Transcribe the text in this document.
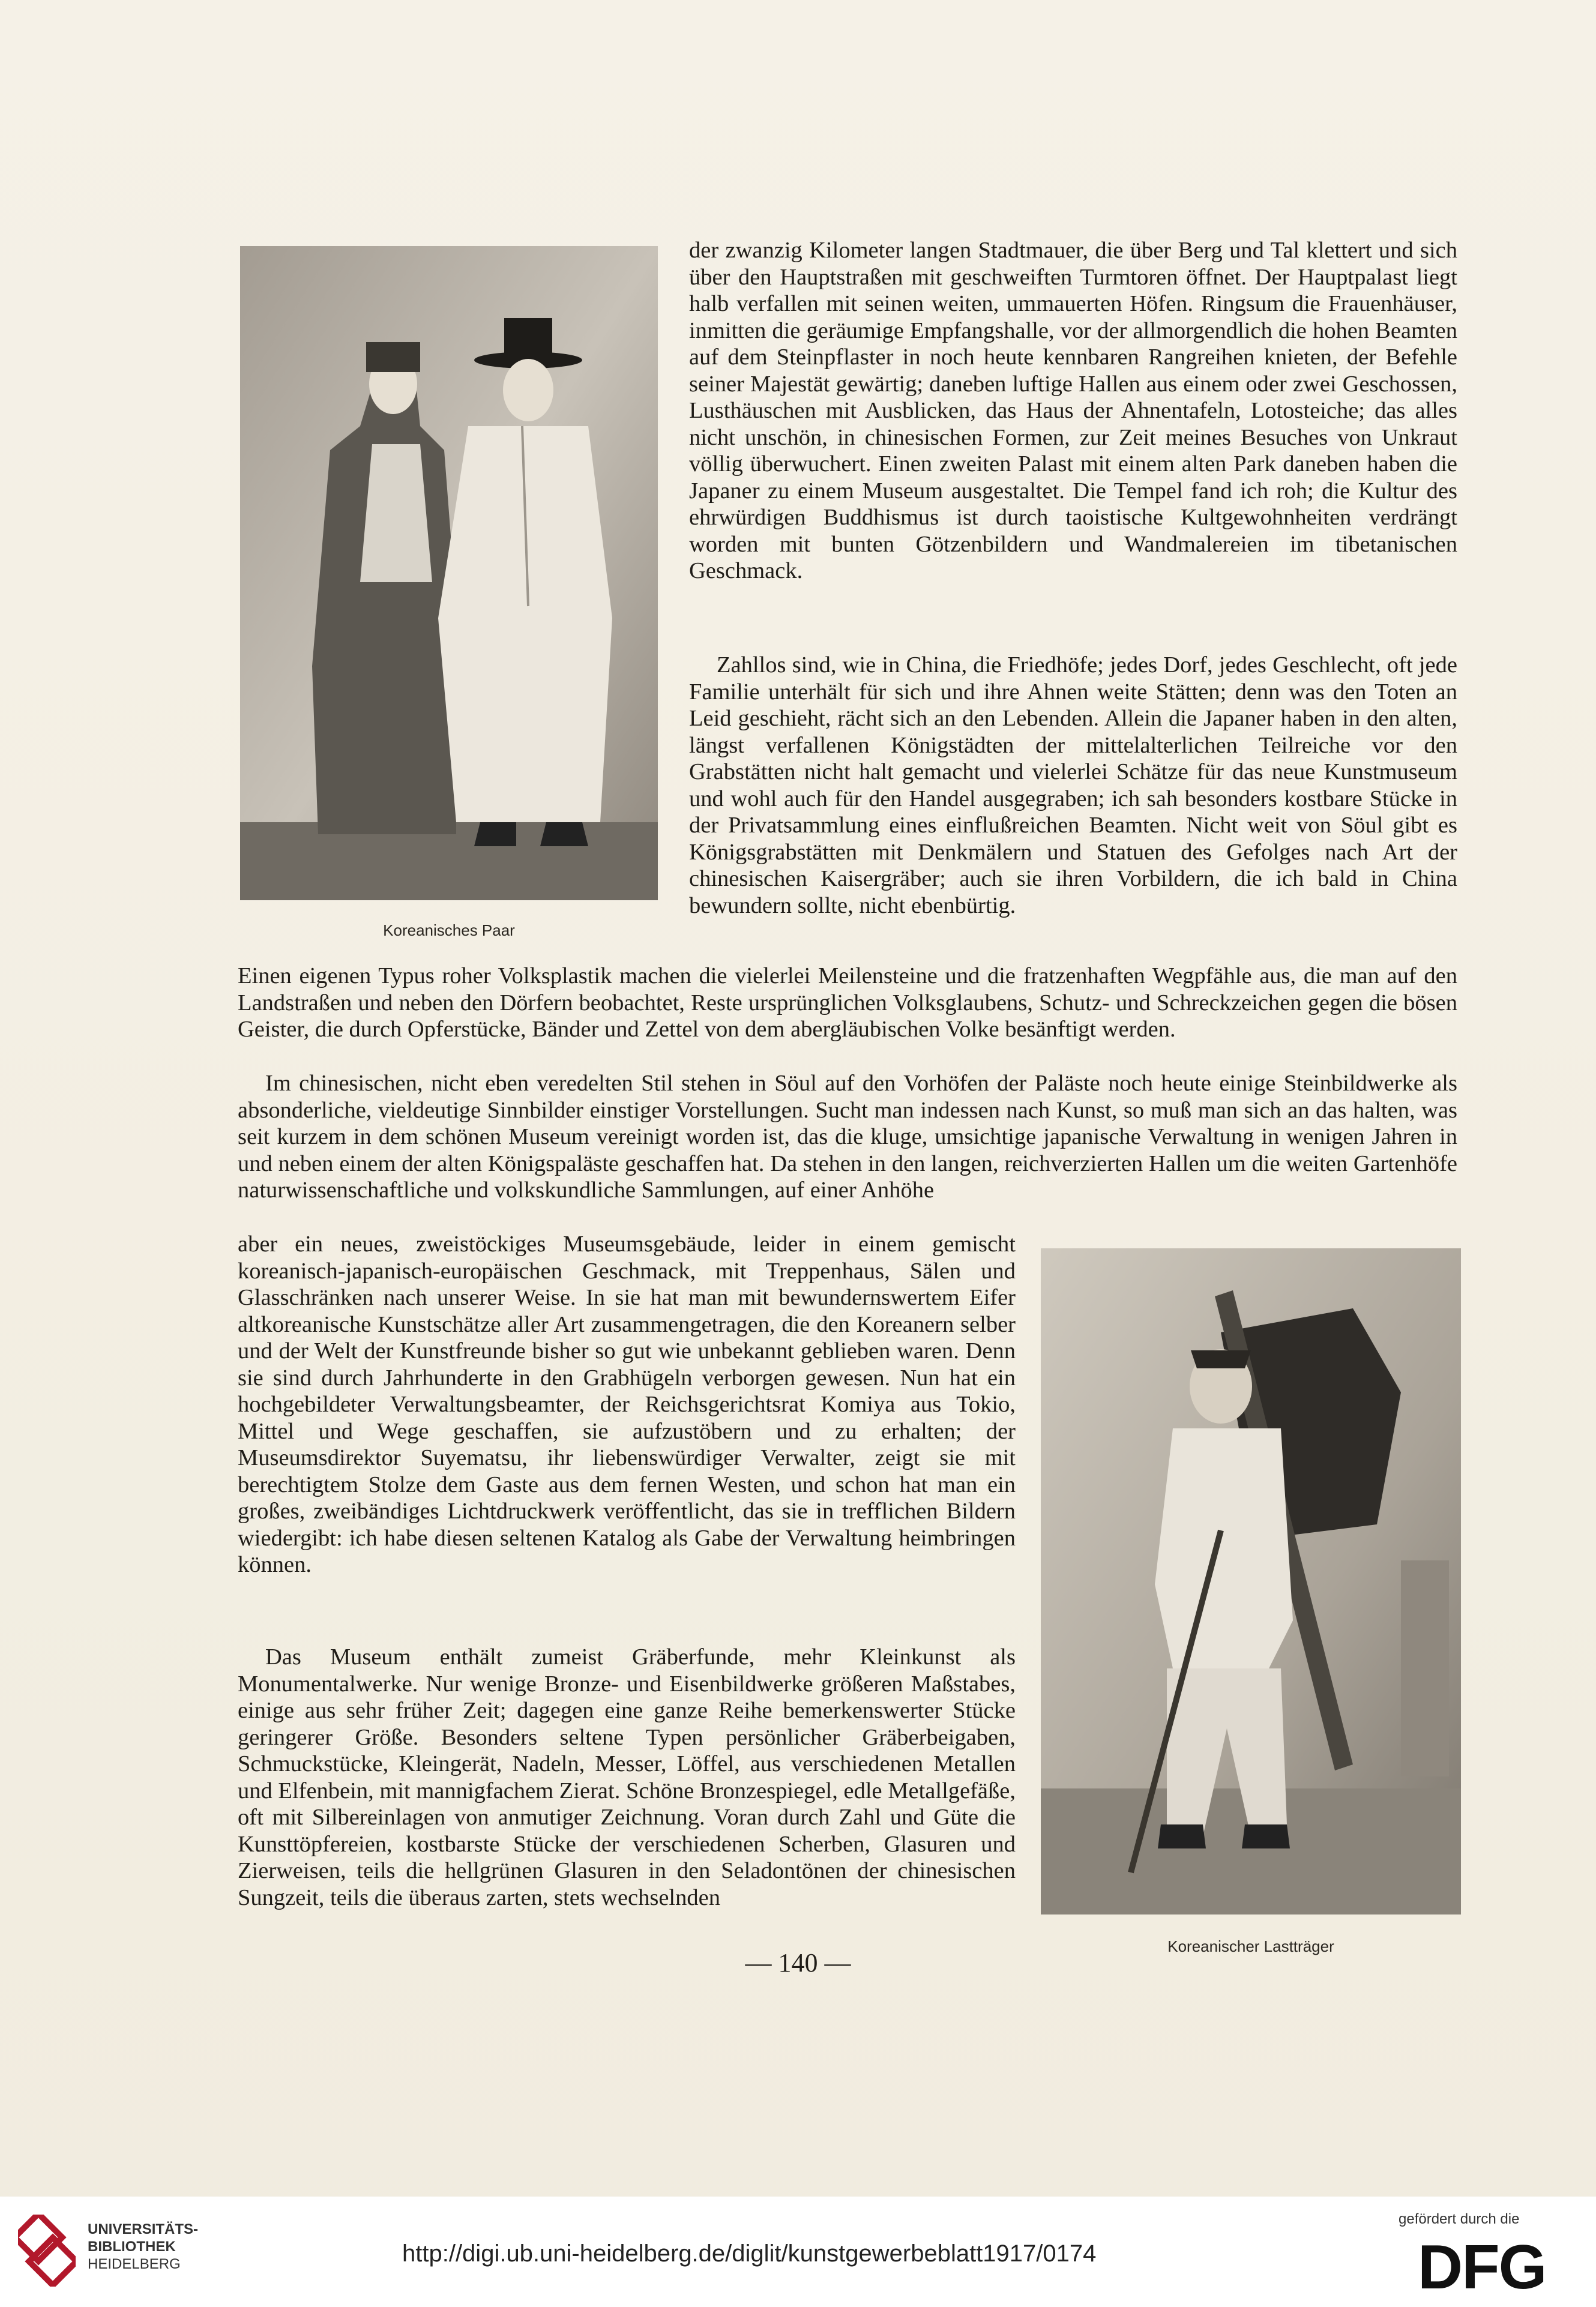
Koreanisches Paar

der zwanzig Kilometer langen Stadtmauer, die über Berg und Tal klettert und sich über den Hauptstraßen mit geschweiften Turmtoren öffnet. Der Hauptpalast liegt halb verfallen mit seinen weiten, ummauerten Höfen. Ringsum die Frauenhäuser, inmitten die geräumige Empfangshalle, vor der allmorgendlich die hohen Beamten auf dem Steinpflaster in noch heute kennbaren Rangreihen knieten, der Befehle seiner Majestät gewärtig; daneben luftige Hallen aus einem oder zwei Geschossen, Lusthäuschen mit Ausblicken, das Haus der Ahnentafeln, Lotosteiche; das alles nicht unschön, in chinesischen Formen, zur Zeit meines Besuches von Unkraut völlig überwuchert. Einen zweiten Palast mit einem alten Park daneben haben die Japaner zu einem Museum ausgestaltet. Die Tempel fand ich roh; die Kultur des ehrwürdigen Buddhismus ist durch taoistische Kultgewohnheiten verdrängt worden mit bunten Götzenbildern und Wandmalereien im tibetanischen Geschmack.

Zahllos sind, wie in China, die Friedhöfe; jedes Dorf, jedes Geschlecht, oft jede Familie unterhält für sich und ihre Ahnen weite Stätten; denn was den Toten an Leid geschieht, rächt sich an den Lebenden. Allein die Japaner haben in den alten, längst verfallenen Königstädten der mittelalterlichen Teilreiche vor den Grabstätten nicht halt gemacht und vielerlei Schätze für das neue Kunstmuseum und wohl auch für den Handel ausgegraben; ich sah besonders kostbare Stücke in der Privatsammlung eines einflußreichen Beamten. Nicht weit von Söul gibt es Königsgrabstätten mit Denkmälern und Statuen des Gefolges nach Art der chinesischen Kaisergräber; auch sie ihren Vorbildern, die ich bald in China bewundern sollte, nicht ebenbürtig.

Einen eigenen Typus roher Volksplastik machen die vielerlei Meilensteine und die fratzenhaften Wegpfähle aus, die man auf den Landstraßen und neben den Dörfern beobachtet, Reste ursprünglichen Volksglaubens, Schutz- und Schreckzeichen gegen die bösen Geister, die durch Opferstücke, Bänder und Zettel von dem abergläubischen Volke besänftigt werden.

Im chinesischen, nicht eben veredelten Stil stehen in Söul auf den Vorhöfen der Paläste noch heute einige Steinbildwerke als absonderliche, vieldeutige Sinnbilder einstiger Vorstellungen. Sucht man indessen nach Kunst, so muß man sich an das halten, was seit kurzem in dem schönen Museum vereinigt worden ist, das die kluge, umsichtige japanische Verwaltung in wenigen Jahren in und neben einem der alten Königspaläste geschaffen hat. Da stehen in den langen, reichverzierten Hallen um die weiten Gartenhöfe naturwissenschaftliche und volkskundliche Sammlungen, auf einer Anhöhe

aber ein neues, zweistöckiges Museumsgebäude, leider in einem gemischt koreanisch-japanisch-europäischen Geschmack, mit Treppenhaus, Sälen und Glasschränken nach unserer Weise. In sie hat man mit bewundernswertem Eifer altkoreanische Kunstschätze aller Art zusammengetragen, die den Koreanern selber und der Welt der Kunstfreunde bisher so gut wie unbekannt geblieben waren. Denn sie sind durch Jahrhunderte in den Grabhügeln verborgen gewesen. Nun hat ein hochgebildeter Verwaltungsbeamter, der Reichsgerichtsrat Komiya aus Tokio, Mittel und Wege geschaffen, sie aufzustöbern und zu erhalten; der Museumsdirektor Suyematsu, ihr liebenswürdiger Verwalter, zeigt sie mit berechtigtem Stolze dem Gaste aus dem fernen Westen, und schon hat man ein großes, zweibändiges Lichtdruckwerk veröffentlicht, das sie in trefflichen Bildern wiedergibt: ich habe diesen seltenen Katalog als Gabe der Verwaltung heimbringen können.

Das Museum enthält zumeist Gräberfunde, mehr Kleinkunst als Monumentalwerke. Nur wenige Bronze- und Eisenbildwerke größeren Maßstabes, einige aus sehr früher Zeit; dagegen eine ganze Reihe bemerkenswerter Stücke geringerer Größe. Besonders seltene Typen persönlicher Gräberbeigaben, Schmuckstücke, Kleingerät, Nadeln, Messer, Löffel, aus verschiedenen Metallen und Elfenbein, mit mannigfachem Zierat. Schöne Bronzespiegel, edle Metallgefäße, oft mit Silbereinlagen von anmutiger Zeichnung. Voran durch Zahl und Güte die Kunsttöpfereien, kostbarste Stücke der verschiedenen Scherben, Glasuren und Zierweisen, teils die hellgrünen Glasuren in den Seladontönen der chinesischen Sungzeit, teils die überaus zarten, stets wechselnden

Koreanischer Lastträger
— 140 —
UNIVERSITÄTS-
BIBLIOTHEK
HEIDELBERG	http://digi.ub.uni-heidelberg.de/diglit/kunstgewerbeblatt1917/0174
gefördert durch die
DFG
